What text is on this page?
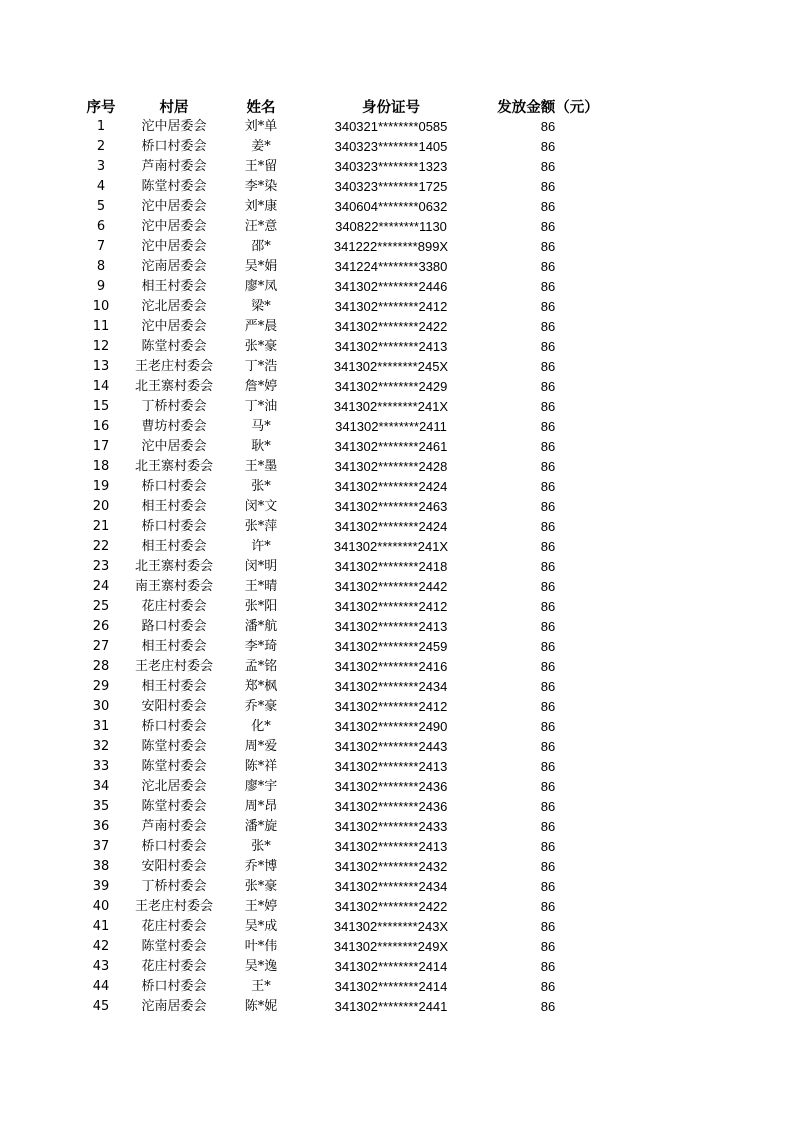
序号	村居	姓名	身份证号	发放金额（元）
1	沱中居委会	刘*单	340321********0585	86
2	桥口村委会	姜*	340323********1405	86
3	芦南村委会	王*留	340323********1323	86
4	陈堂村委会	李*染	340323********1725	86
5	沱中居委会	刘*康	340604********0632	86
6	沱中居委会	汪*意	340822********1130	86
7	沱中居委会	邵*	341222********899X	86
8	沱南居委会	吴*娟	341224********3380	86
9	相王村委会	廖*凤	341302********2446	86
10	沱北居委会	梁*	341302********2412	86
11	沱中居委会	严*晨	341302********2422	86
12	陈堂村委会	张*豪	341302********2413	86
13	王老庄村委会	丁*浩	341302********245X	86
14	北王寨村委会	詹*婷	341302********2429	86
15	丁桥村委会	丁*油	341302********241X	86
16	曹坊村委会	马*	341302********2411	86
17	沱中居委会	耿*	341302********2461	86
18	北王寨村委会	王*墨	341302********2428	86
19	桥口村委会	张*	341302********2424	86
20	相王村委会	闵*文	341302********2463	86
21	桥口村委会	张*萍	341302********2424	86
22	相王村委会	许*	341302********241X	86
23	北王寨村委会	闵*明	341302********2418	86
24	南王寨村委会	王*晴	341302********2442	86
25	花庄村委会	张*阳	341302********2412	86
26	路口村委会	潘*航	341302********2413	86
27	相王村委会	李*琦	341302********2459	86
28	王老庄村委会	孟*铭	341302********2416	86
29	相王村委会	郑*枫	341302********2434	86
30	安阳村委会	乔*豪	341302********2412	86
31	桥口村委会	化*	341302********2490	86
32	陈堂村委会	周*爱	341302********2443	86
33	陈堂村委会	陈*祥	341302********2413	86
34	沱北居委会	廖*宇	341302********2436	86
35	陈堂村委会	周*昂	341302********2436	86
36	芦南村委会	潘*旋	341302********2433	86
37	桥口村委会	张*	341302********2413	86
38	安阳村委会	乔*博	341302********2432	86
39	丁桥村委会	张*豪	341302********2434	86
40	王老庄村委会	王*婷	341302********2422	86
41	花庄村委会	吴*成	341302********243X	86
42	陈堂村委会	叶*伟	341302********249X	86
43	花庄村委会	吴*逸	341302********2414	86
44	桥口村委会	王*	341302********2414	86
45	沱南居委会	陈*妮	341302********2441	86
